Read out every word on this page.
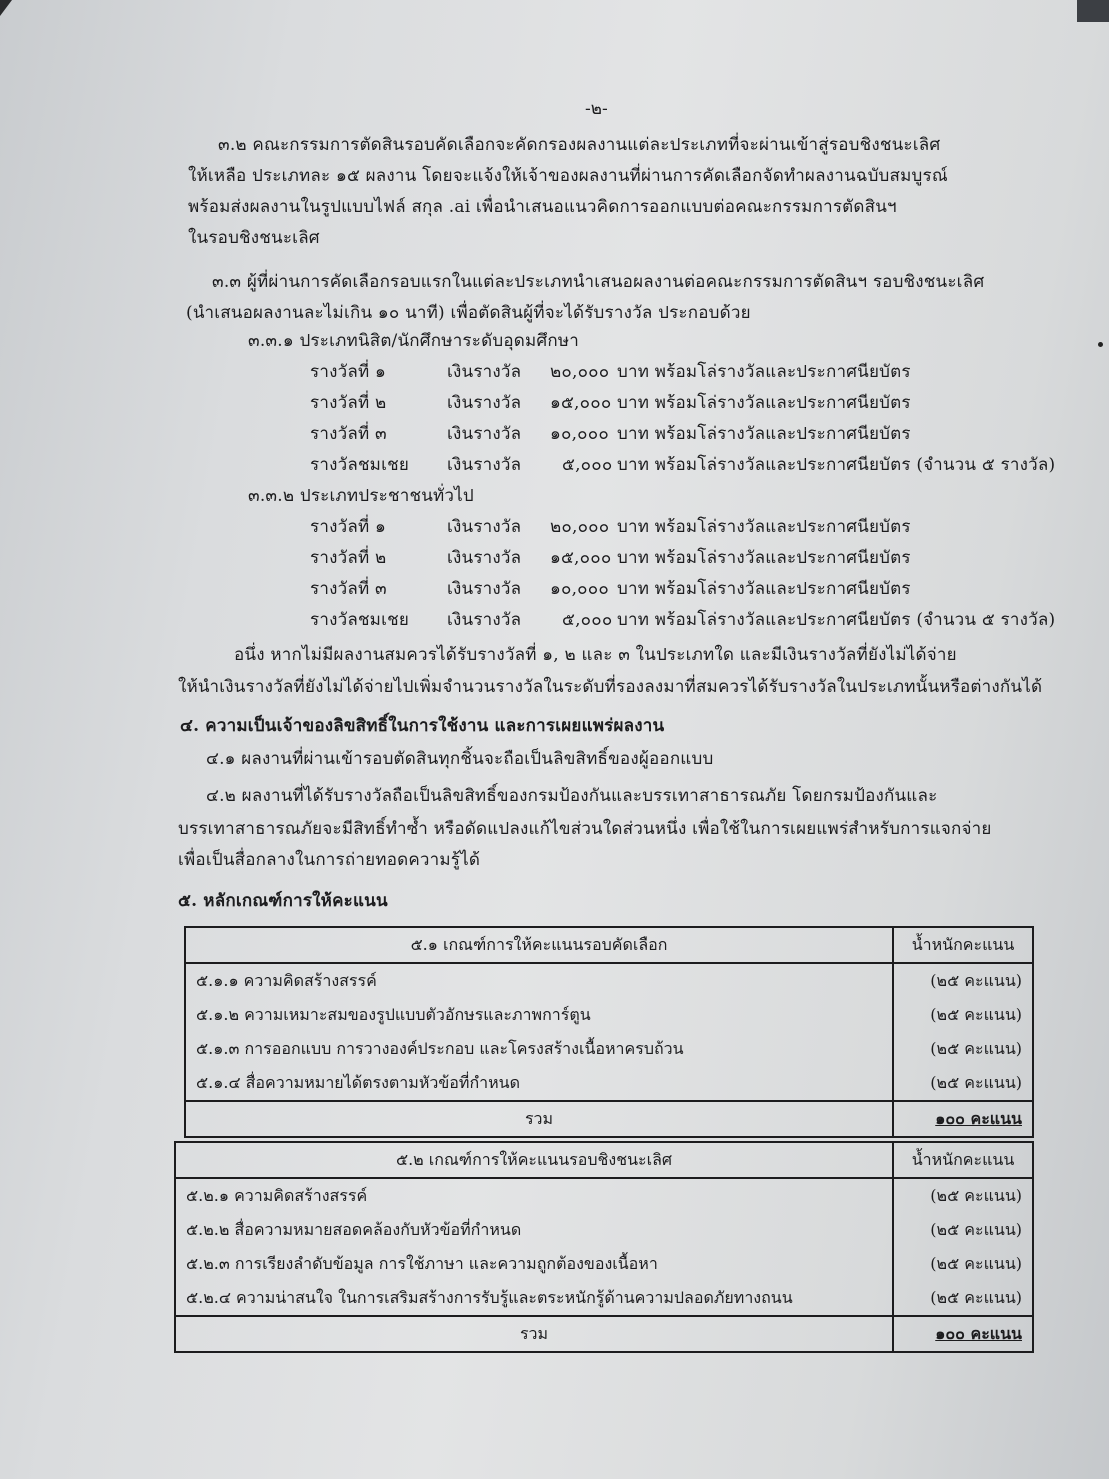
-๒-
๓.๒ คณะกรรมการตัดสินรอบคัดเลือกจะคัดกรองผลงานแต่ละประเภทที่จะผ่านเข้าสู่รอบชิงชนะเลิศ
ให้เหลือ ประเภทละ ๑๕ ผลงาน โดยจะแจ้งให้เจ้าของผลงานที่ผ่านการคัดเลือกจัดทำผลงานฉบับสมบูรณ์
พร้อมส่งผลงานในรูปแบบไฟล์ สกุล .ai เพื่อนำเสนอแนวคิดการออกแบบต่อคณะกรรมการตัดสินฯ
ในรอบชิงชนะเลิศ
๓.๓ ผู้ที่ผ่านการคัดเลือกรอบแรกในแต่ละประเภทนำเสนอผลงานต่อคณะกรรมการตัดสินฯ รอบชิงชนะเลิศ
(นำเสนอผลงานละไม่เกิน ๑๐ นาที) เพื่อตัดสินผู้ที่จะได้รับรางวัล ประกอบด้วย
๓.๓.๑ ประเภทนิสิต/นักศึกษาระดับอุดมศึกษา
รางวัลที่ ๑	เงินรางวัล ๒๐,๐๐๐ บาท พร้อมโล่รางวัลและประกาศนียบัตร
รางวัลที่ ๒	เงินรางวัล ๑๕,๐๐๐ บาท พร้อมโล่รางวัลและประกาศนียบัตร
รางวัลที่ ๓	เงินรางวัล ๑๐,๐๐๐ บาท พร้อมโล่รางวัลและประกาศนียบัตร
รางวัลชมเชย เงินรางวัล ๕,๐๐๐ บาท พร้อมโล่รางวัลและประกาศนียบัตร (จำนวน ๕ รางวัล)
๓.๓.๒ ประเภทประชาชนทั่วไป
รางวัลที่ ๑	เงินรางวัล ๒๐,๐๐๐ บาท พร้อมโล่รางวัลและประกาศนียบัตร
รางวัลที่ ๒	เงินรางวัล ๑๕,๐๐๐ บาท พร้อมโล่รางวัลและประกาศนียบัตร
รางวัลที่ ๓	เงินรางวัล ๑๐,๐๐๐ บาท พร้อมโล่รางวัลและประกาศนียบัตร
รางวัลชมเชย เงินรางวัล ๕,๐๐๐ บาท พร้อมโล่รางวัลและประกาศนียบัตร (จำนวน ๕ รางวัล)
อนึ่ง หากไม่มีผลงานสมควรได้รับรางวัลที่ ๑, ๒ และ ๓ ในประเภทใด และมีเงินรางวัลที่ยังไม่ได้จ่าย
ให้นำเงินรางวัลที่ยังไม่ได้จ่ายไปเพิ่มจำนวนรางวัลในระดับที่รองลงมาที่สมควรได้รับรางวัลในประเภทนั้นหรือต่างกันได้
๔. ความเป็นเจ้าของลิขสิทธิ์ในการใช้งาน และการเผยแพร่ผลงาน
๔.๑ ผลงานที่ผ่านเข้ารอบตัดสินทุกชิ้นจะถือเป็นลิขสิทธิ์ของผู้ออกแบบ
๔.๒ ผลงานที่ได้รับรางวัลถือเป็นลิขสิทธิ์ของกรมป้องกันและบรรเทาสาธารณภัย โดยกรมป้องกันและ
บรรเทาสาธารณภัยจะมีสิทธิ์ทำซ้ำ หรือดัดแปลงแก้ไขส่วนใดส่วนหนึ่ง เพื่อใช้ในการเผยแพร่สำหรับการแจกจ่าย
เพื่อเป็นสื่อกลางในการถ่ายทอดความรู้ได้
๕. หลักเกณฑ์การให้คะแนน
๕.๑ เกณฑ์การให้คะแนนรอบคัดเลือก	น้ำหนักคะแนน
๕.๑.๑ ความคิดสร้างสรรค์	(๒๕ คะแนน)
๕.๑.๒ ความเหมาะสมของรูปแบบตัวอักษรและภาพการ์ตูน	(๒๕ คะแนน)
๕.๑.๓ การออกแบบ การวางองค์ประกอบ และโครงสร้างเนื้อหาครบถ้วน	(๒๕ คะแนน)
๕.๑.๔ สื่อความหมายได้ตรงตามหัวข้อที่กำหนด	(๒๕ คะแนน)
รวม	๑๐๐ คะแนน
๕.๒ เกณฑ์การให้คะแนนรอบชิงชนะเลิศ	น้ำหนักคะแนน
๕.๒.๑ ความคิดสร้างสรรค์	(๒๕ คะแนน)
๕.๒.๒ สื่อความหมายสอดคล้องกับหัวข้อที่กำหนด	(๒๕ คะแนน)
๕.๒.๓ การเรียงลำดับข้อมูล การใช้ภาษา และความถูกต้องของเนื้อหา	(๒๕ คะแนน)
๕.๒.๔ ความน่าสนใจ ในการเสริมสร้างการรับรู้และตระหนักรู้ด้านความปลอดภัยทางถนน	(๒๕ คะแนน)
รวม	๑๐๐ คะแนน
